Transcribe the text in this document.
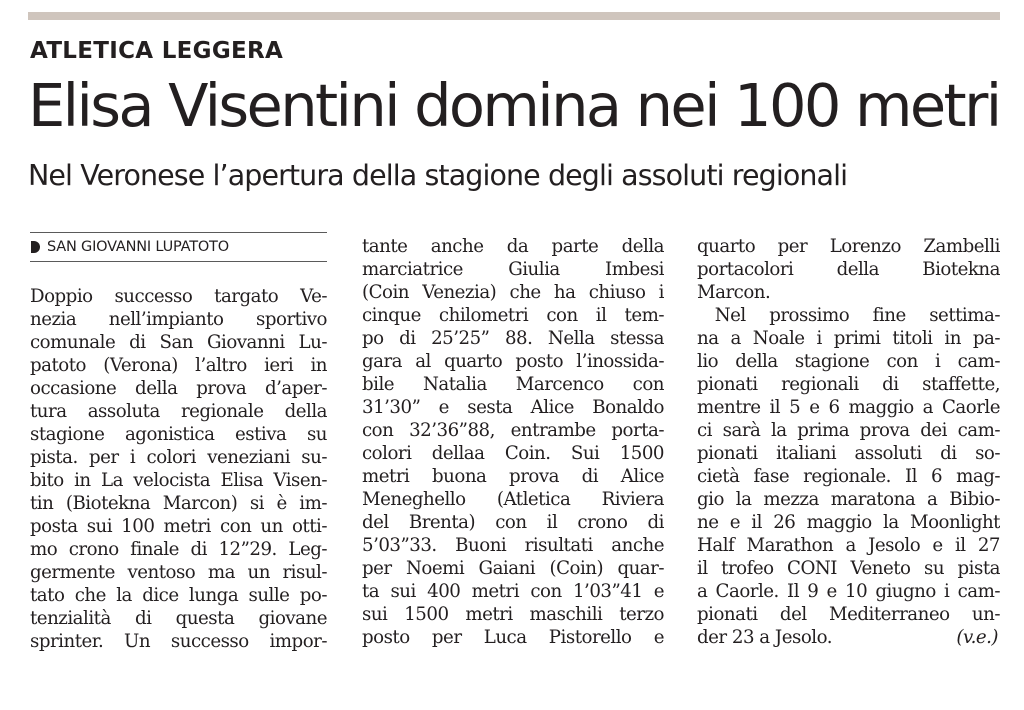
ATLETICA LEGGERA
Elisa Visentini domina nei 100 metri
Nel Veronese l’apertura della stagione degli assoluti regionali
SAN GIOVANNI LUPATOTO
Doppio successo targato Ve-
nezia nell’impianto sportivo
comunale di San Giovanni Lu-
patoto (Verona) l’altro ieri in
occasione della prova d’aper-
tura assoluta regionale della
stagione agonistica estiva su
pista. per i colori veneziani su-
bito in La velocista Elisa Visen-
tin (Biotekna Marcon) si è im-
posta sui 100 metri con un otti-
mo crono finale di 12”29. Leg-
germente ventoso ma un risul-
tato che la dice lunga sulle po-
tenzialità di questa giovane
sprinter. Un successo impor-
tante anche da parte della
marciatrice Giulia Imbesi
(Coin Venezia) che ha chiuso i
cinque chilometri con il tem-
po di 25’25” 88. Nella stessa
gara al quarto posto l’inossida-
bile Natalia Marcenco con
31’30” e sesta Alice Bonaldo
con 32’36”88, entrambe porta-
colori dellaa Coin. Sui 1500
metri buona prova di Alice
Meneghello (Atletica Riviera
del Brenta) con il crono di
5’03”33. Buoni risultati anche
per Noemi Gaiani (Coin) quar-
ta sui 400 metri con 1’03”41 e
sui 1500 metri maschili terzo
posto per Luca Pistorello e
quarto per Lorenzo Zambelli
portacolori della Biotekna
Marcon.
 Nel prossimo fine settima-
na a Noale i primi titoli in pa-
lio della stagione con i cam-
pionati regionali di staffette,
mentre il 5 e 6 maggio a Caorle
ci sarà la prima prova dei cam-
pionati italiani assoluti di so-
cietà fase regionale. Il 6 mag-
gio la mezza maratona a Bibio-
ne e il 26 maggio la Moonlight
Half Marathon a Jesolo e il 27
il trofeo CONI Veneto su pista
a Caorle. Il 9 e 10 giugno i cam-
pionati del Mediterraneo un-
der 23 a Jesolo.	(v.e.)
